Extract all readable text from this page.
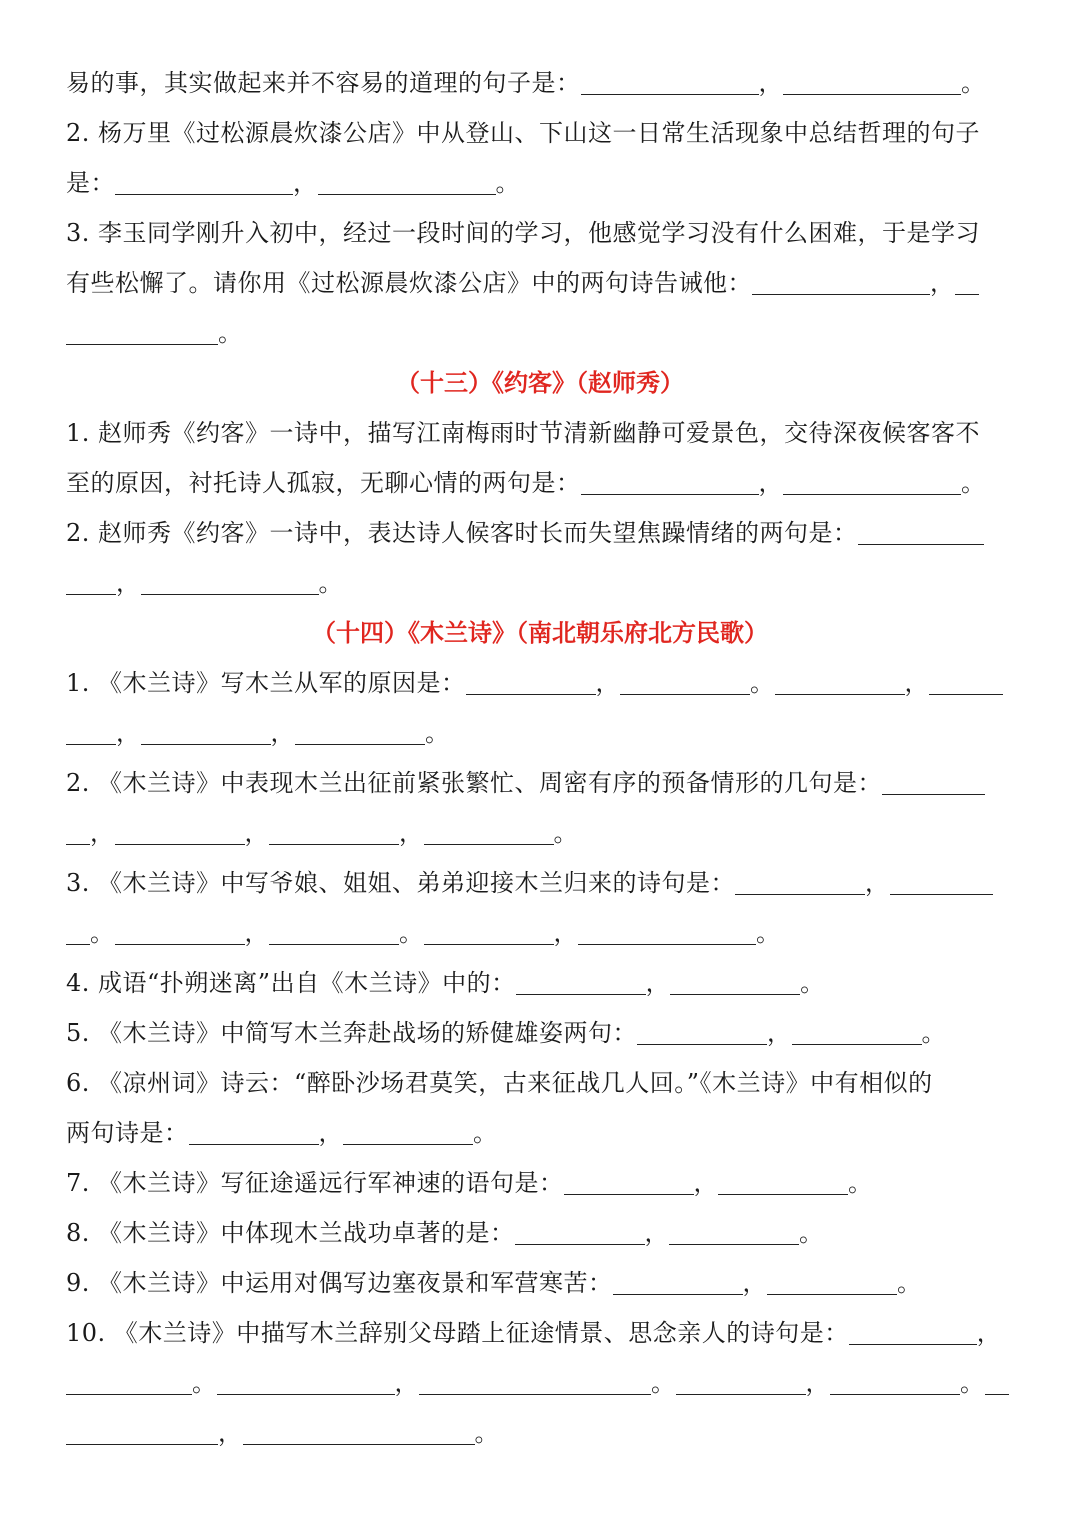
易的事，其实做起来并不容易的道理的句子是：	，	。
2. 杨万里《过松源晨炊漆公店》中从登山、下山这一日常生活现象中总结哲理的句子
是：	，	。
3. 李玉同学刚升入初中，经过一段时间的学习，他感觉学习没有什么困难，于是学习
有些松懈了。请你用《过松源晨炊漆公店》中的两句诗告诫他：	，
。
（十三）《约客》（赵师秀）
1. 赵师秀《约客》一诗中，描写江南梅雨时节清新幽静可爱景色，交待深夜候客客不
至的原因，衬托诗人孤寂，无聊心情的两句是：	，	。
2. 赵师秀《约客》一诗中，表达诗人候客时长而失望焦躁情绪的两句是：
，	。
（十四）《木兰诗》（南北朝乐府北方民歌）
1. 《木兰诗》写木兰从军的原因是：	，	。	，
，	，	。
2. 《木兰诗》中表现木兰出征前紧张繁忙、周密有序的预备情形的几句是：
，	，	，	。
3. 《木兰诗》中写爷娘、姐姐、弟弟迎接木兰归来的诗句是：	，
。	，	。	，	。
4. 成语“扑朔迷离”出自《木兰诗》中的：	，	。
5. 《木兰诗》中简写木兰奔赴战场的矫健雄姿两句：	，	。
6. 《凉州词》诗云：“醉卧沙场君莫笑，古来征战几人回。”《木兰诗》中有相似的
两句诗是：	，	。
7. 《木兰诗》写征途遥远行军神速的语句是：	，	。
8. 《木兰诗》中体现木兰战功卓著的是：	，	。
9. 《木兰诗》中运用对偶写边塞夜景和军营寒苦：	，	。
10. 《木兰诗》中描写木兰辞别父母踏上征途情景、思念亲人的诗句是：	，
。	，	。	，	。
，	。
